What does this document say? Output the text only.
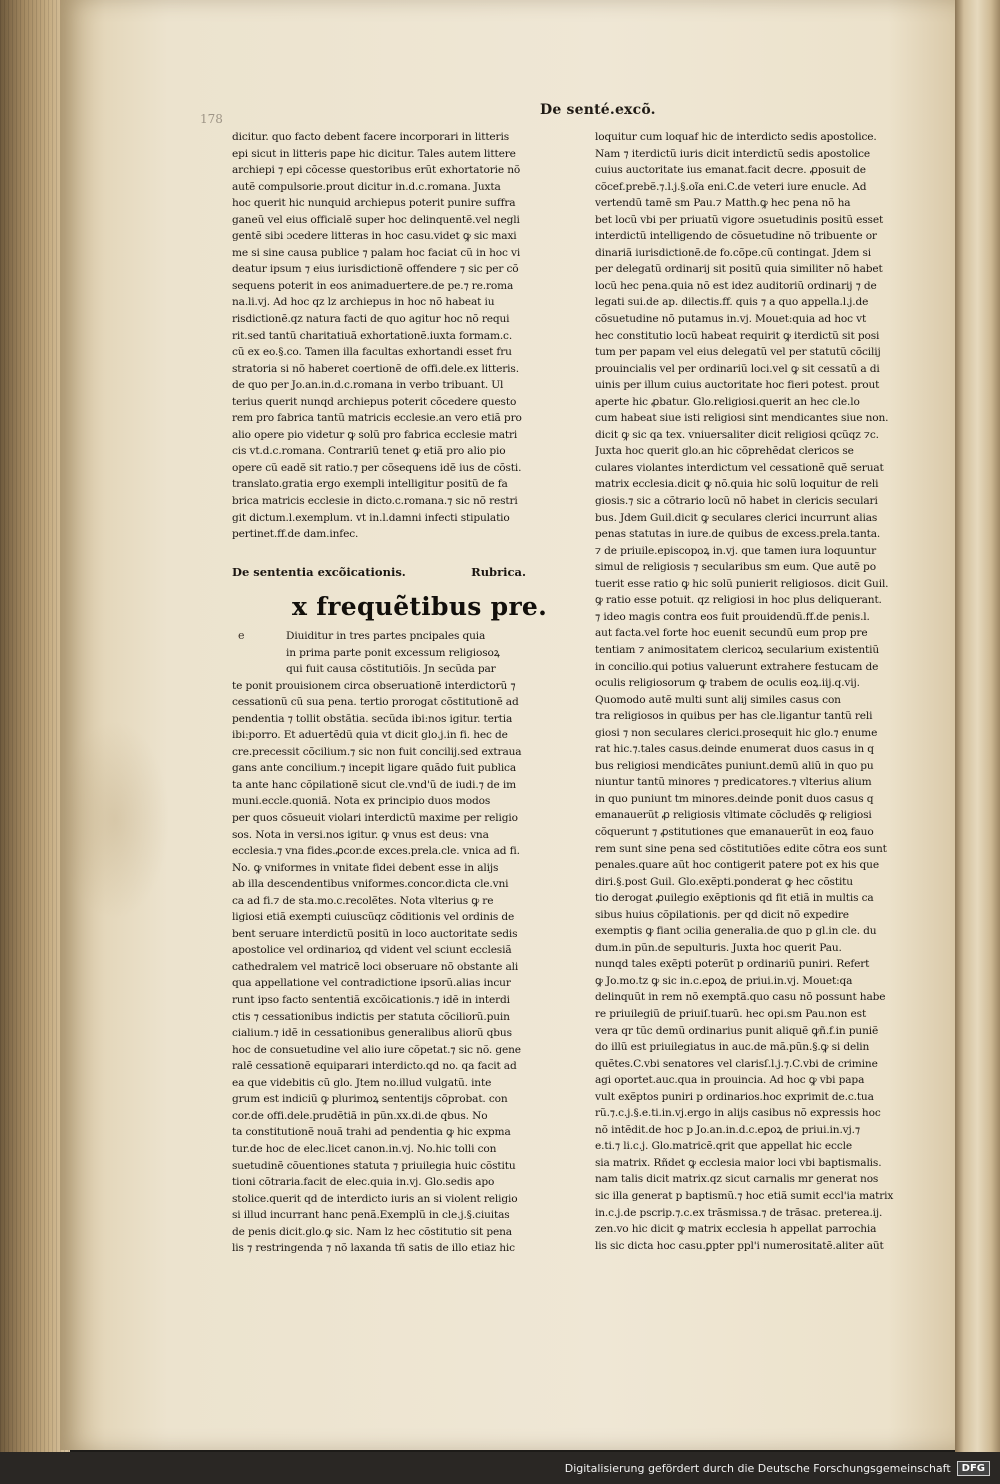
178
De senté.excõ.
dicitur. quo facto debent facere incorporari in litteris
epi sicut in litteris pape hic dicitur. Tales autem littere
archiepi ⁊ epi cõcesse questoribus erũt exhortatorie nõ
autẽ compulsorie.prout dicitur in.d.c.romana. Juxta
hoc querit hic nunquid archiepus poterit punire suffra
ganeũ vel eius officialẽ super hoc delinquentẽ.vel negli
gentẽ sibi ɔcedere litteras in hoc casu.videt ꝙ sic maxi
me si sine causa publice ⁊ palam hoc faciat cũ in hoc vi
deatur ipsum ⁊ eius iurisdictionẽ offendere ⁊ sic per cõ
sequens poterit in eos animaduertere.de pe.⁊ re.roma
na.li.vj. Ad hoc qz lz archiepus in hoc nõ habeat iu
risdictionẽ.qz natura facti de quo agitur hoc nõ requi
rit.sed tantũ charitatiuã exhortationẽ.iuxta formam.c.
cũ ex eo.§.co. Tamen illa facultas exhortandi esset fru
stratoria si nõ haberet coertionẽ de offi.dele.ex litteris.
de quo per Jo.an.in.d.c.romana in verbo tribuant. Ul
terius querit nunqd archiepus poterit cõcedere questo
rem pro fabrica tantũ matricis ecclesie.an vero etiã pro
alio opere pio videtur ꝙ solũ pro fabrica ecclesie matri
cis vt.d.c.romana. Contrariũ tenet ꝙ etiã pro alio pio
opere cũ eadẽ sit ratio.⁊ per cõsequens idẽ ius de cõsti.
translato.gratia ergo exempli intelligitur positũ de fa
brica matricis ecclesie in dicto.c.romana.⁊ sic nõ restri
git dictum.l.exemplum. vt in.l.damni infecti stipulatio
pertinet.ff.de dam.infec.
De sententia excõicationis.	Rubrica.
x frequẽtibus pre.
e	Diuiditur in tres partes pncipales quia
in prima parte ponit excessum religiosoꝝ
qui fuit causa cõstitutiõis. Jn secũda par
te ponit prouisionem circa obseruationẽ interdictorũ ⁊
cessationũ cũ sua pena. tertio prorogat cõstitutionẽ ad
pendentia ⁊ tollit obstãtia. secũda ibi:nos igitur. tertia
ibi:porro. Et aduertẽdũ quia vt dicit glo.j.in fi. hec de
cre.precessit cõcilium.⁊ sic non fuit concilij.sed extraua
gans ante concilium.⁊ incepit ligare quãdo fuit publica
ta ante hanc cõpilationẽ sicut cle.vnd'ũ de iudi.⁊ de im
muni.eccle.quoniã. Nota ex principio duos modos
per quos cõsueuit violari interdictũ maxime per religio
sos. Nota in versi.nos igitur. ꝙ vnus est deus: vna
ecclesia.⁊ vna fides.ꝓcor.de exces.prela.cle. vnica ad fi.
No. ꝙ vniformes in vnitate fidei debent esse in alijs
ab illa descendentibus vniformes.concor.dicta cle.vni
ca ad fi.⁊ de sta.mo.c.recolẽtes. Nota vlterius ꝙ re
ligiosi etiã exempti cuiuscũqz cõditionis vel ordinis de
bent seruare interdictũ positũ in loco auctoritate sedis
apostolice vel ordinarioꝝ qd vident vel sciunt ecclesiã
cathedralem vel matricẽ loci obseruare nõ obstante ali
qua appellatione vel contradictione ipsorũ.alias incur
runt ipso facto sententiã excõicationis.⁊ idẽ in interdi
ctis ⁊ cessationibus indictis per statuta cõciliorũ.puin
cialium.⁊ idẽ in cessationibus generalibus aliorũ qbus
hoc de consuetudine vel alio iure cõpetat.⁊ sic nõ. gene
ralẽ cessationẽ equiparari interdicto.qd no. qa facit ad
ea que videbitis cũ glo. Jtem no.illud vulgatũ. inte
grum est indiciũ ꝙ plurimoꝝ sententijs cõprobat. con
cor.de offi.dele.prudẽtiã in pũn.xx.di.de qbus. No
ta constitutionẽ nouã trahi ad pendentia ꝙ hic expma
tur.de hoc de elec.licet canon.in.vj. No.hic tolli con
suetudinẽ cõuentiones statuta ⁊ priuilegia huic cõstitu
tioni cõtraria.facit de elec.quia in.vj. Glo.sedis apo
stolice.querit qd de interdicto iuris an si violent religio
si illud incurrant hanc penã.Exemplũ in cle.j.§.ciuitas
de penis dicit.glo.ꝙ sic. Nam lz hec cõstitutio sit pena
lis ⁊ restringenda ⁊ nõ laxanda tñ satis de illo etiaz hic
loquitur cum loquaf hic de interdicto sedis apostolice.
Nam ⁊ iterdictũ iuris dicit interdictũ sedis apostolice
cuius auctoritate ius emanat.facit decre. ꝓposuit de
cõcef.prebẽ.⁊.l.j.§.oĩa eni.C.de veteri iure enucle. Ad
vertendũ tamẽ sm Pau.⁊ Matth.ꝙ hec pena nõ ha
bet locũ vbi per priuatũ vigore ɔsuetudinis positũ esset
interdictũ intelligendo de cõsuetudine nõ tribuente or
dinariã iurisdictionẽ.de fo.cõpe.cũ contingat. Jdem si
per delegatũ ordinarij sit positũ quia similiter nõ habet
locũ hec pena.quia nõ est idez auditoriũ ordinarij ⁊ de
legati sui.de ap. dilectis.ff. quis ⁊ a quo appella.l.j.de
cõsuetudine nõ putamus in.vj. Mouet:quia ad hoc vt
hec constitutio locũ habeat requirit ꝙ iterdictũ sit posi
tum per papam vel eius delegatũ vel per statutũ cõcilij
prouincialis vel per ordinariũ loci.vel ꝙ sit cessatũ a di
uinis per illum cuius auctoritate hoc fieri potest. prout
aperte hic ꝓbatur. Glo.religiosi.querit an hec cle.lo
cum habeat siue isti religiosi sint mendicantes siue non.
dicit ꝙ sic qa tex. vniuersaliter dicit religiosi qcũqz ⁊c.
Juxta hoc querit glo.an hic cõprehẽdat clericos se
culares violantes interdictum vel cessationẽ quẽ seruat
matrix ecclesia.dicit ꝙ nõ.quia hic solũ loquitur de reli
giosis.⁊ sic a cõtrario locũ nõ habet in clericis seculari
bus. Jdem Guil.dicit ꝙ seculares clerici incurrunt alias
penas statutas in iure.de quibus de excess.prela.tanta.
⁊ de priuile.episcopoꝝ in.vj. que tamen iura loquuntur
simul de religiosis ⁊ secularibus sm eum. Que autẽ po
tuerit esse ratio ꝙ hic solũ punierit religiosos. dicit Guil.
ꝙ ratio esse potuit. qz religiosi in hoc plus deliquerant.
⁊ ideo magis contra eos fuit prouidendũ.ff.de penis.l.
aut facta.vel forte hoc euenit secundũ eum prop pre
tentiam ⁊ animositatem clericoꝝ secularium existentiũ
in concilio.qui potius valuerunt extrahere festucam de
oculis religiosorum ꝙ trabem de oculis eoꝝ.iij.q.vij.
Quomodo autẽ multi sunt alij similes casus con
tra religiosos in quibus per has cle.ligantur tantũ reli
giosi ⁊ non seculares clerici.prosequit hic glo.⁊ enume
rat hic.⁊.tales casus.deinde enumerat duos casus in q
bus religiosi mendicãtes puniunt.demũ aliũ in quo pu
niuntur tantũ minores ⁊ predicatores.⁊ vlterius alium
in quo puniunt tm minores.deinde ponit duos casus q
emanauerũt ꝓ religiosis vltimate cõcludẽs ꝙ religiosi
cõquerunt ⁊ ꝓstitutiones que emanauerũt in eoꝝ fauo
rem sunt sine pena sed cõstitutiões edite cõtra eos sunt
penales.quare aũt hoc contigerit patere pot ex his que
diri.§.post Guil. Glo.exẽpti.ponderat ꝙ hec cõstitu
tio derogat ꝓuilegio exẽptionis qd fit etiã in multis ca
sibus huius cõpilationis. per qd dicit nõ expedire
exemptis ꝙ fiant ɔcilia generalia.de quo p gl.in cle. du
dum.in pũn.de sepulturis. Juxta hoc querit Pau.
nunqd tales exẽpti poterũt p ordinariũ puniri. Refert
ꝙ Jo.mo.tz ꝙ sic in.c.eꝑoꝝ de priui.in.vj. Mouet:qa
delinquũt in rem nõ exemptã.quo casu nõ possunt habe
re priuilegiũ de priuiſ.tuarũ. hec opi.sm Pau.non est
vera qr tũc demũ ordinarius punit aliquẽ ꝙñ.f.in puniẽ
do illũ est priuilegiatus in auc.de mã.pũn.§.ꝙ si delin
quẽtes.C.vbi senatores vel clarisſ.l.j.⁊.C.vbi de crimine
agi oportet.auc.qua in prouincia. Ad hoc ꝙ vbi papa
vult exẽptos puniri p ordinarios.hoc exprimit de.c.tua
rũ.⁊.c.j.§.e.ti.in.vj.ergo in alijs casibus nõ expressis hoc
nõ intẽdit.de hoc p Jo.an.in.d.c.eꝑoꝝ de priui.in.vj.⁊
e.ti.⁊ li.c.j. Glo.matricẽ.qrit que appellat hic eccle
sia matrix. Rñdet ꝙ ecclesia maior loci vbi baptismalis.
nam talis dicit matrix.qz sicut carnalis mr generat nos
sic illa generat p baptismũ.⁊ hoc etiã sumit eccl'ia matrix
in.c.j.de pscrip.⁊.c.ex trãsmissa.⁊ de trãsac. preterea.ij.
zen.vo hic dicit ꝙ matrix ecclesia h appellat parrochia
lis sic dicta hoc casu.ꝑpter ppl'i numerositatẽ.aliter aũt
Digitalisierung gefördert durch die Deutsche Forschungsgemeinschaft	DFG
